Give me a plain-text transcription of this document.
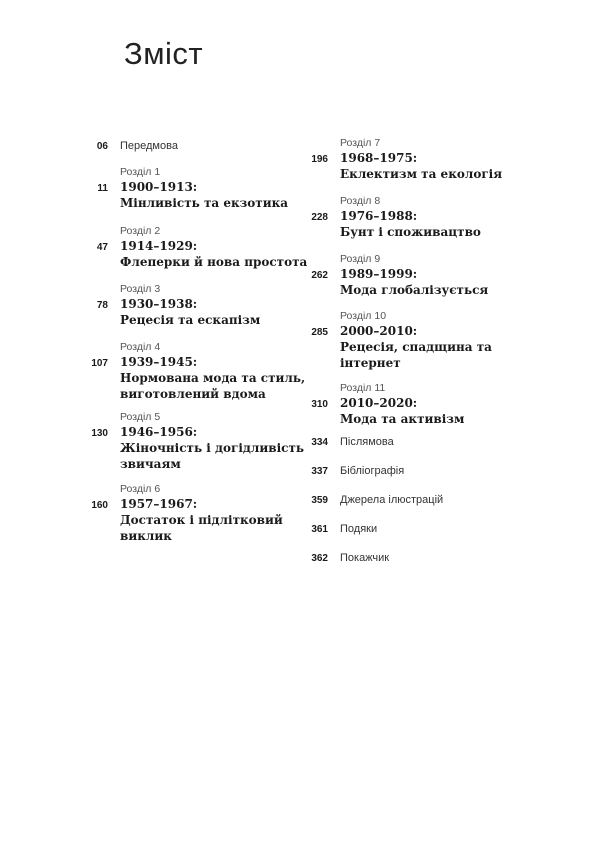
Зміст
06 Передмова
Розділ 1
11 1900–1913:
Мінливість та екзотика
Розділ 2
47 1914–1929:
Флеперки й нова простота
Розділ 3
78 1930–1938:
Рецесія та ескапізм
Розділ 4
107 1939–1945:
Нормована мода та стиль,
виготовлений вдома
Розділ 5
130 1946–1956:
Жіночність і догідливість
звичаям
Розділ 6
160 1957–1967:
Достаток і підлітковий
виклик
Розділ 7
196 1968–1975:
Еклектизм та екологія
Розділ 8
228 1976–1988:
Бунт і споживацтво
Розділ 9
262 1989–1999:
Мода глобалізується
Розділ 10
285 2000–2010:
Рецесія, спадщина та
інтернет
Розділ 11
310 2010–2020:
Мода та активізм
334 Післямова
337 Бібліографія
359 Джерела ілюстрацій
361 Подяки
362 Покажчик
